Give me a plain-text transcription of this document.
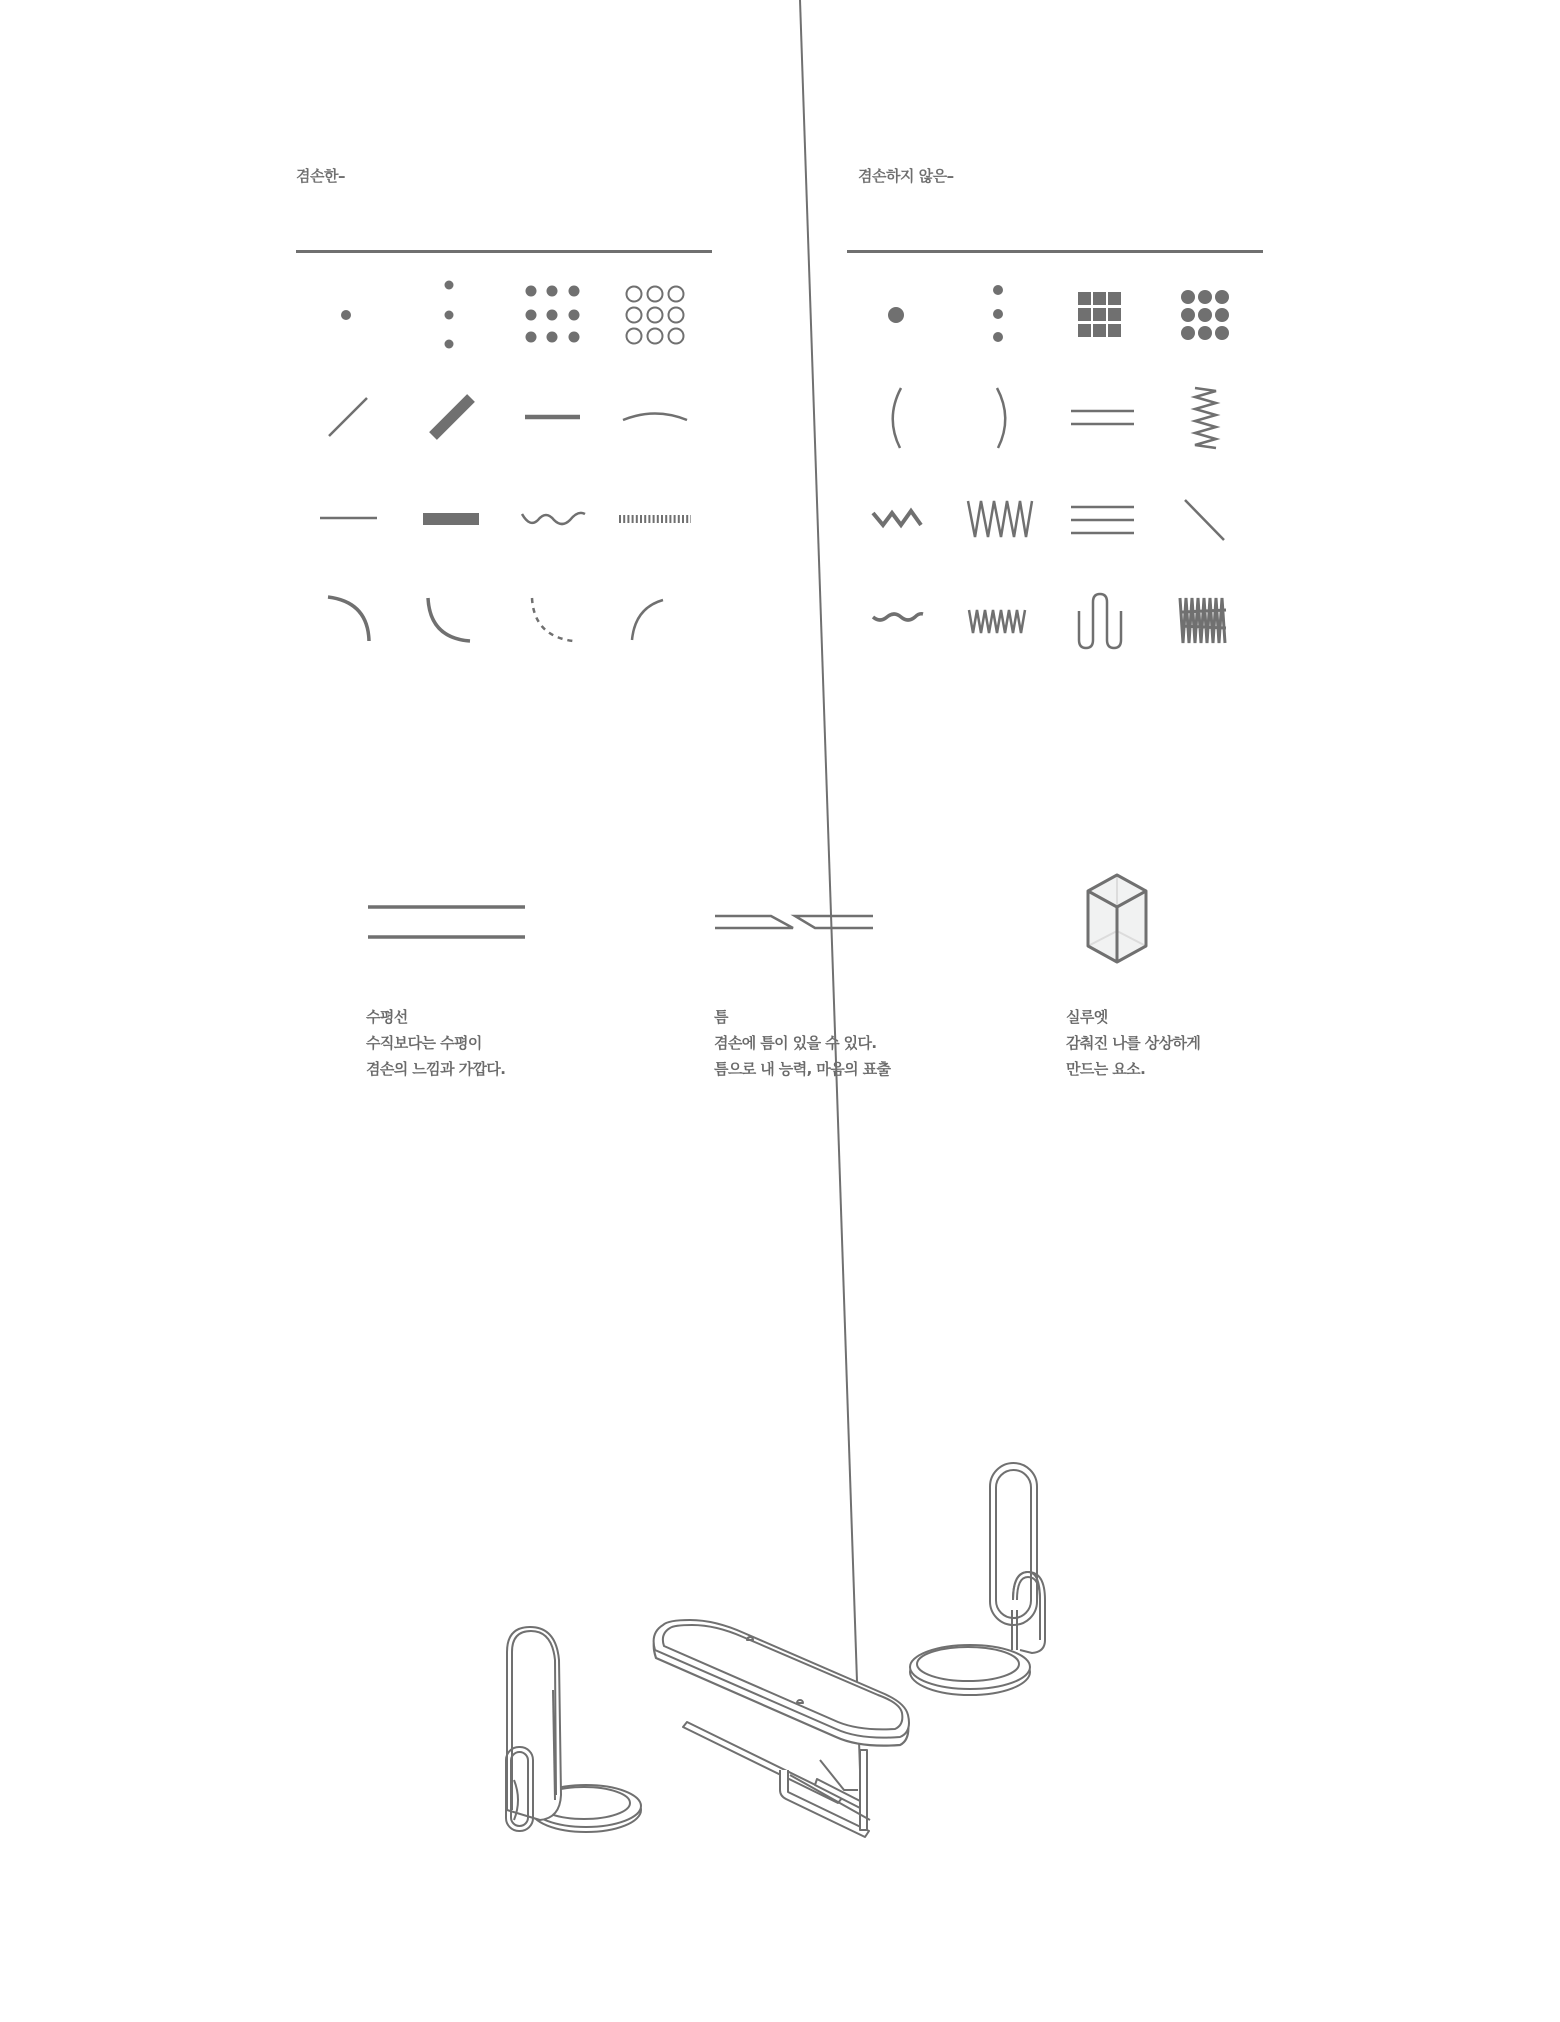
겸손한–	겸손하지 않은–
수평선
수직보다는 수평이
겸손의 느낌과 가깝다.
틈
겸손에 틈이 있을 수 있다.
틈으로 내 능력, 마음의 표출
실루엣
감춰진 나를 상상하게
만드는 요소.
